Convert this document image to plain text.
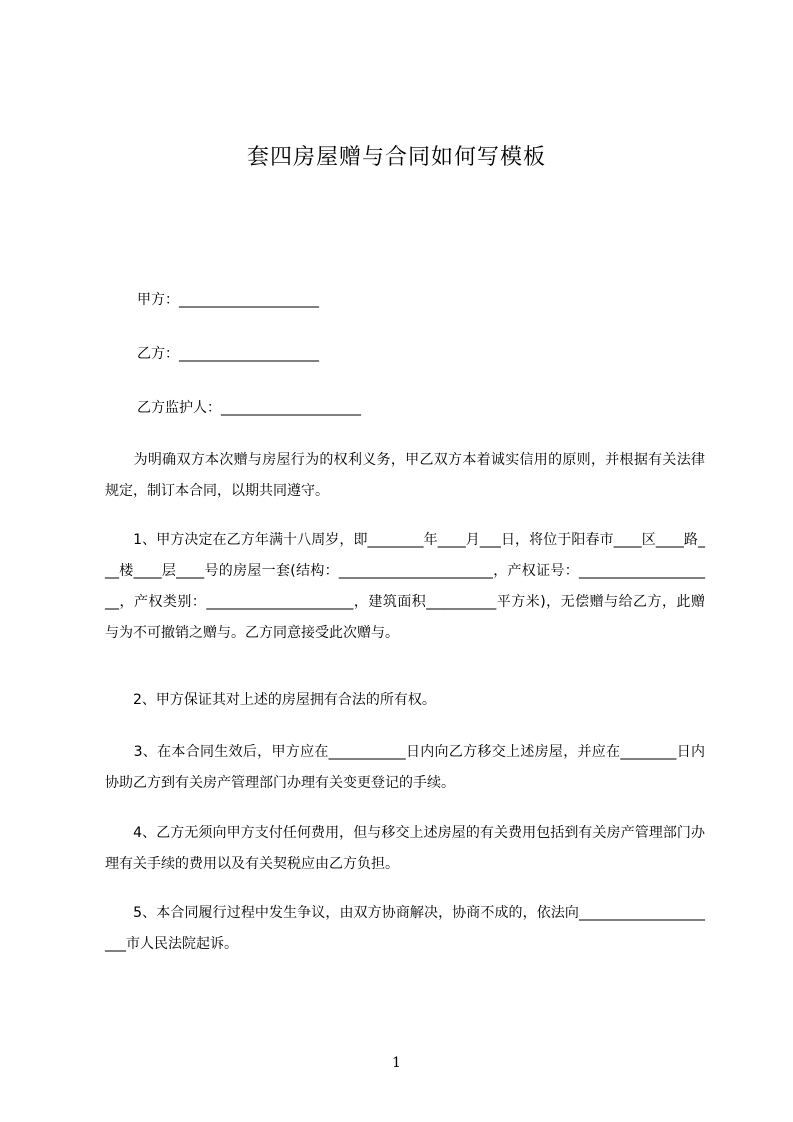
套四房屋赠与合同如何写模板
甲方：____________________
乙方：____________________
乙方监护人：____________________
　　为明确双方本次赠与房屋行为的权利义务，甲乙双方本着诚实信用的原则，并根据有关法律规定，制订本合同，以期共同遵守。
　　1、甲方决定在乙方年满十八周岁，即________年____月___日，将位于阳春市____区____路___楼____层____号的房屋一套(结构：______________________，产权证号：____________________，产权类别：_____________________，建筑面积__________平方米)，无偿赠与给乙方，此赠与为不可撤销之赠与。乙方同意接受此次赠与。
　　2、甲方保证其对上述的房屋拥有合法的所有权。
　　3、在本合同生效后，甲方应在___________日内向乙方移交上述房屋，并应在________日内协助乙方到有关房产管理部门办理有关变更登记的手续。
　　4、乙方无须向甲方支付任何费用，但与移交上述房屋的有关费用包括到有关房产管理部门办理有关手续的费用以及有关契税应由乙方负担。
　　5、本合同履行过程中发生争议，由双方协商解决，协商不成的，依法向_____________________市人民法院起诉。
1
